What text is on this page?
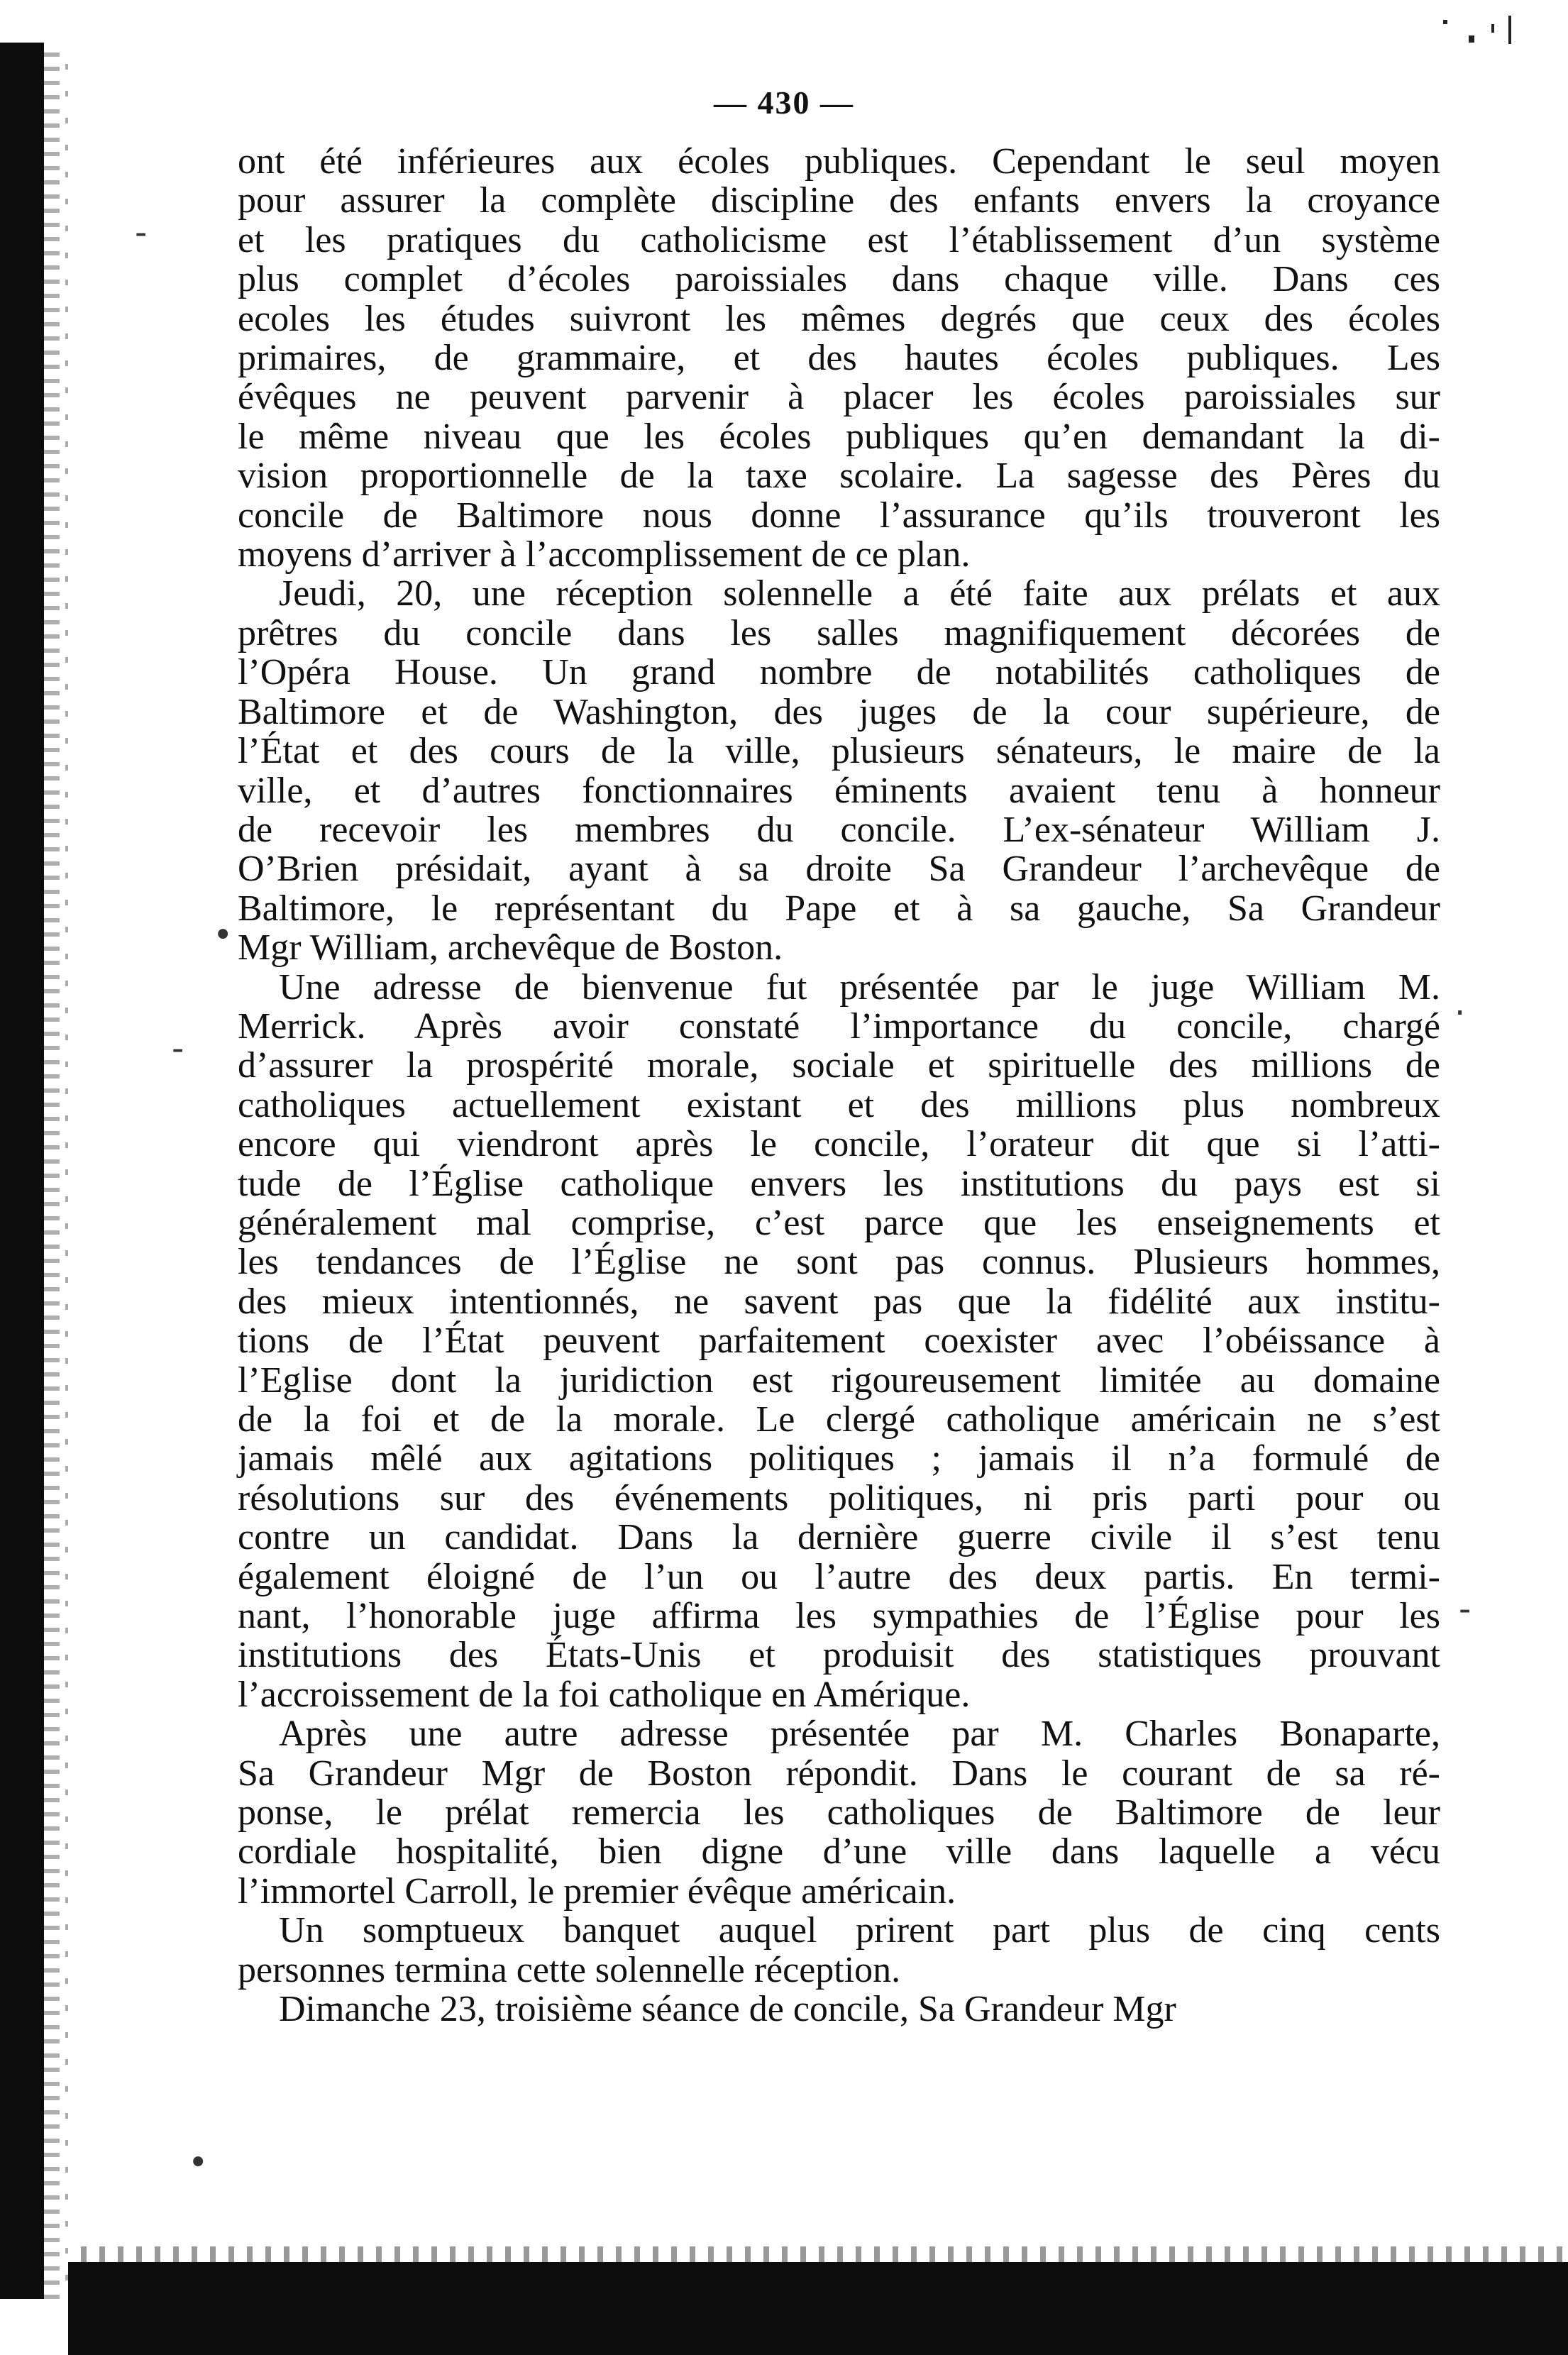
-
-
·
-
•
•
— 430 —
ont été inférieures aux écoles publiques. Cependant le seul moyen
pour assurer la complète discipline des enfants envers la croyance
et les pratiques du catholicisme est l’établissement d’un système
plus complet d’écoles paroissiales dans chaque ville. Dans ces
ecoles les études suivront les mêmes degrés que ceux des écoles
primaires, de grammaire, et des hautes écoles publiques. Les
évêques ne peuvent parvenir à placer les écoles paroissiales sur
le même niveau que les écoles publiques qu’en demandant la di-
vision proportionnelle de la taxe scolaire. La sagesse des Pères du
concile de Baltimore nous donne l’assurance qu’ils trouveront les
moyens d’arriver à l’accomplissement de ce plan.
Jeudi, 20, une réception solennelle a été faite aux prélats et aux
prêtres du concile dans les salles magnifiquement décorées de
l’Opéra House. Un grand nombre de notabilités catholiques de
Baltimore et de Washington, des juges de la cour supérieure, de
l’État et des cours de la ville, plusieurs sénateurs, le maire de la
ville, et d’autres fonctionnaires éminents avaient tenu à honneur
de recevoir les membres du concile. L’ex-sénateur William J.
O’Brien présidait, ayant à sa droite Sa Grandeur l’archevêque de
Baltimore, le représentant du Pape et à sa gauche, Sa Grandeur
Mgr William, archevêque de Boston.
Une adresse de bienvenue fut présentée par le juge William M.
Merrick. Après avoir constaté l’importance du concile, chargé
d’assurer la prospérité morale, sociale et spirituelle des millions de
catholiques actuellement existant et des millions plus nombreux
encore qui viendront après le concile, l’orateur dit que si l’atti-
tude de l’Église catholique envers les institutions du pays est si
généralement mal comprise, c’est parce que les enseignements et
les tendances de l’Église ne sont pas connus. Plusieurs hommes,
des mieux intentionnés, ne savent pas que la fidélité aux institu-
tions de l’État peuvent parfaitement coexister avec l’obéissance à
l’Eglise dont la juridiction est rigoureusement limitée au domaine
de la foi et de la morale. Le clergé catholique américain ne s’est
jamais mêlé aux agitations politiques ; jamais il n’a formulé de
résolutions sur des événements politiques, ni pris parti pour ou
contre un candidat. Dans la dernière guerre civile il s’est tenu
également éloigné de l’un ou l’autre des deux partis. En termi-
nant, l’honorable juge affirma les sympathies de l’Église pour les
institutions des États-Unis et produisit des statistiques prouvant
l’accroissement de la foi catholique en Amérique.
Après une autre adresse présentée par M. Charles Bonaparte,
Sa Grandeur Mgr de Boston répondit. Dans le courant de sa ré-
ponse, le prélat remercia les catholiques de Baltimore de leur
cordiale hospitalité, bien digne d’une ville dans laquelle a vécu
l’immortel Carroll, le premier évêque américain.
Un somptueux banquet auquel prirent part plus de cinq cents
personnes termina cette solennelle réception.
Dimanche 23, troisième séance de concile, Sa Grandeur Mgr
